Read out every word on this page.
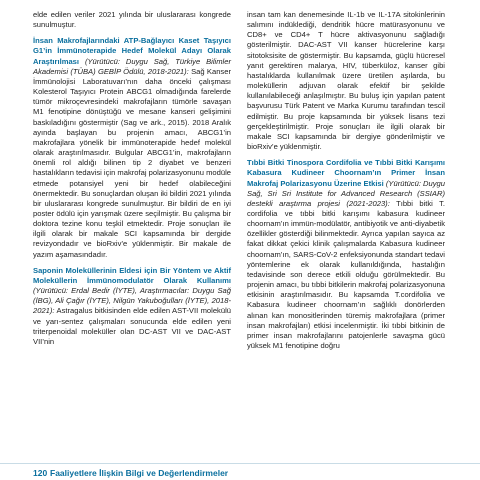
elde edilen veriler 2021 yılında bir uluslararası kongrede sunulmuştur.

İnsan Makrofajlarındaki ATP-Bağlayıcı Kaset Taşıyıcı G1’in İmmünoterapide Hedef Molekül Adayı Olarak Araştırılması (Yürütücü: Duygu Sağ, Türkiye Bilimler Akademisi (TÜBA) GEBİP Ödülü, 2018-2021): Sağ Kanser İmmünolojisi Laboratuvarı’nın daha önceki çalışması Kolesterol Taşıyıcı Protein ABCG1 olmadığında farelerde tümör mikroçevresindeki makrofajların tümörle savaşan M1 fenotipine dönüştüğü ve mesane kanseri gelişimini baskıladığını göstermiştir (Sag ve ark., 2015). 2018 Aralık ayında başlayan bu projenin amacı, ABCG1’in makrofajlara yönelik bir immünoterapide hedef molekül olarak araştırılmasıdır. Bulgular ABCG1’in, makrofajların önemli rol aldığı bilinen tip 2 diyabet ve benzeri hastalıkların tedavisi için makrofaj polarizasyonunu modüle etmede potansiyel yeni bir hedef olabileceğini önermektedir. Bu sonuçlardan oluşan iki bildiri 2021 yılında bir uluslararası kongrede sunulmuştur. Bir bildiri de en iyi poster ödülü için yarışmak üzere seçilmiştir. Bu çalışma bir doktora tezine konu teşkil etmektedir. Proje sonuçları ile ilgili olarak bir makale SCI kapsamında bir dergide revizyondadır ve bioRxiv’e yüklenmiştir. Bir makale de yazım aşamasındadır.

Saponin Moleküllerinin Eldesi için Bir Yöntem ve Aktif Moleküllerin İmmünomodulatör Olarak Kullanımı (Yürütücü: Erdal Bedir (İYTE), Araştırmacılar: Duygu Sağ (İBG), Ali Çağır (İYTE), Nilgün Yakuboğulları (İYTE), 2018-2021): Astragalus bitkisinden elde edilen AST-VII molekülü ve yarı-sentez çalışmaları sonucunda elde edilen yeni triterpenoidal moleküller olan DC-AST VII ve DAC-AST VII’nin

insan tam kan denemesinde IL-1b ve IL-17A sitokinlerinin salımını indüklediği, dendritik hücre matürasyonunu ve CD8+ ve CD4+ T hücre aktivasyonunu sağladığı gösterilmiştir. DAC-AST VII kanser hücrelerine karşı sitotoksisite de göstermiştir. Bu kapsamda, güçlü hücresel yanıt gerektiren malarya, HIV, tüberküloz, kanser gibi hastalıklarda kullanılmak üzere üretilen aşılarda, bu moleküllerin adjuvan olarak efektif bir şekilde kullanılabileceği anlaşılmıştır. Bu buluş için yapılan patent başvurusu Türk Patent ve Marka Kurumu tarafından tescil edilmiştir. Bu proje kapsamında bir yüksek lisans tezi gerçekleştirilmiştir. Proje sonuçları ile ilgili olarak bir makale SCI kapsamında bir dergiye gönderilmiştir ve bioRxiv’e yüklenmiştir.

Tıbbi Bitki Tinospora Cordifolia ve Tıbbi Bitki Karışımı Kabasura Kudineer Choornam’ın Primer İnsan Makrofaj Polarizasyonu Üzerine Etkisi (Yürütücü: Duygu Sağ, Sri Sri Institute for Advanced Research (SSIAR) destekli araştırma projesi (2021-2023): Tıbbi bitki T. cordifolia ve tıbbi bitki karışımı kabasura kudineer choornam’ın immün-modülatör, antibiyotik ve anti-diyabetik özellikler gösterdiği bilinmektedir. Ayrıca yapılan sayıca az fakat dikkat çekici klinik çalışmalarda Kabasura kudineer choornam’ın, SARS-CoV-2 enfeksiyonunda standart tedavi yöntemlerine ek olarak kullanıldığında, hastalığın tedavisinde son derece etkili olduğu görülmektedir. Bu projenin amacı, bu tıbbi bitkilerin makrofaj polarizasyonuna etkisinin araştırılmasıdır. Bu kapsamda T.cordifolia ve Kabasura kudineer choornam’ın sağlıklı donörlerden alınan kan monositlerinden türemiş makrofajlara (primer insan makrofajları) etkisi incelenmiştir. İki tıbbi bitkinin de primer insan makrofajlarını patojenlerle savaşma gücü yüksek M1 fenotipine doğru

120 Faaliyetlere İlişkin Bilgi ve Değerlendirmeler
